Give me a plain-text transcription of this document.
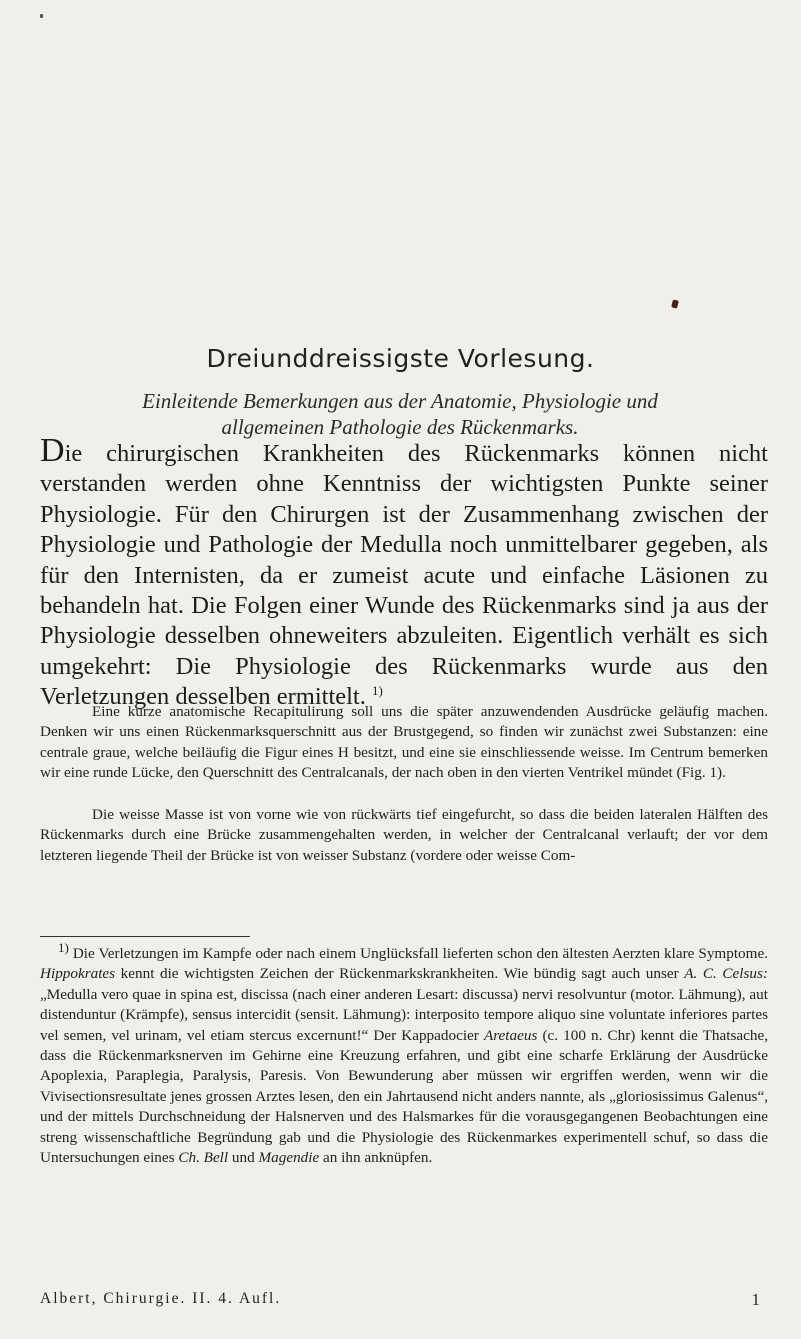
Dreiunddreissigste Vorlesung.
Einleitende Bemerkungen aus der Anatomie, Physiologie und
allgemeinen Pathologie des Rückenmarks.
Die chirurgischen Krankheiten des Rückenmarks können nicht verstanden werden ohne Kenntniss der wichtigsten Punkte seiner Physiologie. Für den Chirurgen ist der Zusammenhang zwischen der Physiologie und Pathologie der Medulla noch unmittelbarer gegeben, als für den Internisten, da er zumeist acute und einfache Läsionen zu behandeln hat. Die Folgen einer Wunde des Rückenmarks sind ja aus der Physiologie desselben ohneweiters abzuleiten. Eigentlich verhält es sich umgekehrt: Die Physiologie des Rückenmarks wurde aus den Verletzungen desselben ermittelt. $^{1)}$

Eine kurze anatomische Recapitulirung soll uns die später anzuwendenden Ausdrücke geläufig machen. Denken wir uns einen Rückenmarksquerschnitt aus der Brustgegend, so finden wir zunächst zwei Substanzen: eine centrale graue, welche beiläufig die Figur eines H besitzt, und eine sie einschliessende weisse. Im Centrum bemerken wir eine runde Lücke, den Querschnitt des Centralcanals, der nach oben in den vierten Ventrikel mündet (Fig. 1).

Die weisse Masse ist von vorne wie von rückwärts tief eingefurcht, so dass die beiden lateralen Hälften des Rückenmarks durch eine Brücke zusammengehalten werden, in welcher der Centralcanal verlauft; der vor dem letzteren liegende Theil der Brücke ist von weisser Substanz (vordere oder weisse Com-

$^{1)}$ Die Verletzungen im Kampfe oder nach einem Unglücksfall lieferten schon den ältesten Aerzten klare Symptome. Hippokrates kennt die wichtigsten Zeichen der Rückenmarkskrankheiten. Wie bündig sagt auch unser A. C. Celsus: „Medulla vero quae in spina est, discissa (nach einer anderen Lesart: discussa) nervi resolvuntur (motor. Lähmung), aut distenduntur (Krämpfe), sensus intercidit (sensit. Lähmung): interposito tempore aliquo sine voluntate inferiores partes vel semen, vel urinam, vel etiam stercus excernunt!“ Der Kappadocier Aretaeus (c. 100 n. Chr) kennt die Thatsache, dass die Rückenmarksnerven im Gehirne eine Kreuzung erfahren, und gibt eine scharfe Erklärung der Ausdrücke Apoplexia, Paraplegia, Paralysis, Paresis. Von Bewunderung aber müssen wir ergriffen werden, wenn wir die Vivisectionsresultate jenes grossen Arztes lesen, den ein Jahrtausend nicht anders nannte, als „gloriosissimus Galenus“, und der mittels Durchschneidung der Halsnerven und des Halsmarkes für die vorausgegangenen Beobachtungen eine streng wissenschaftliche Begründung gab und die Physiologie des Rückenmarkes experimentell schuf, so dass die Untersuchungen eines Ch. Bell und Magendie an ihn anknüpfen.

Albert, Chirurgie. II. 4. Aufl.	1
